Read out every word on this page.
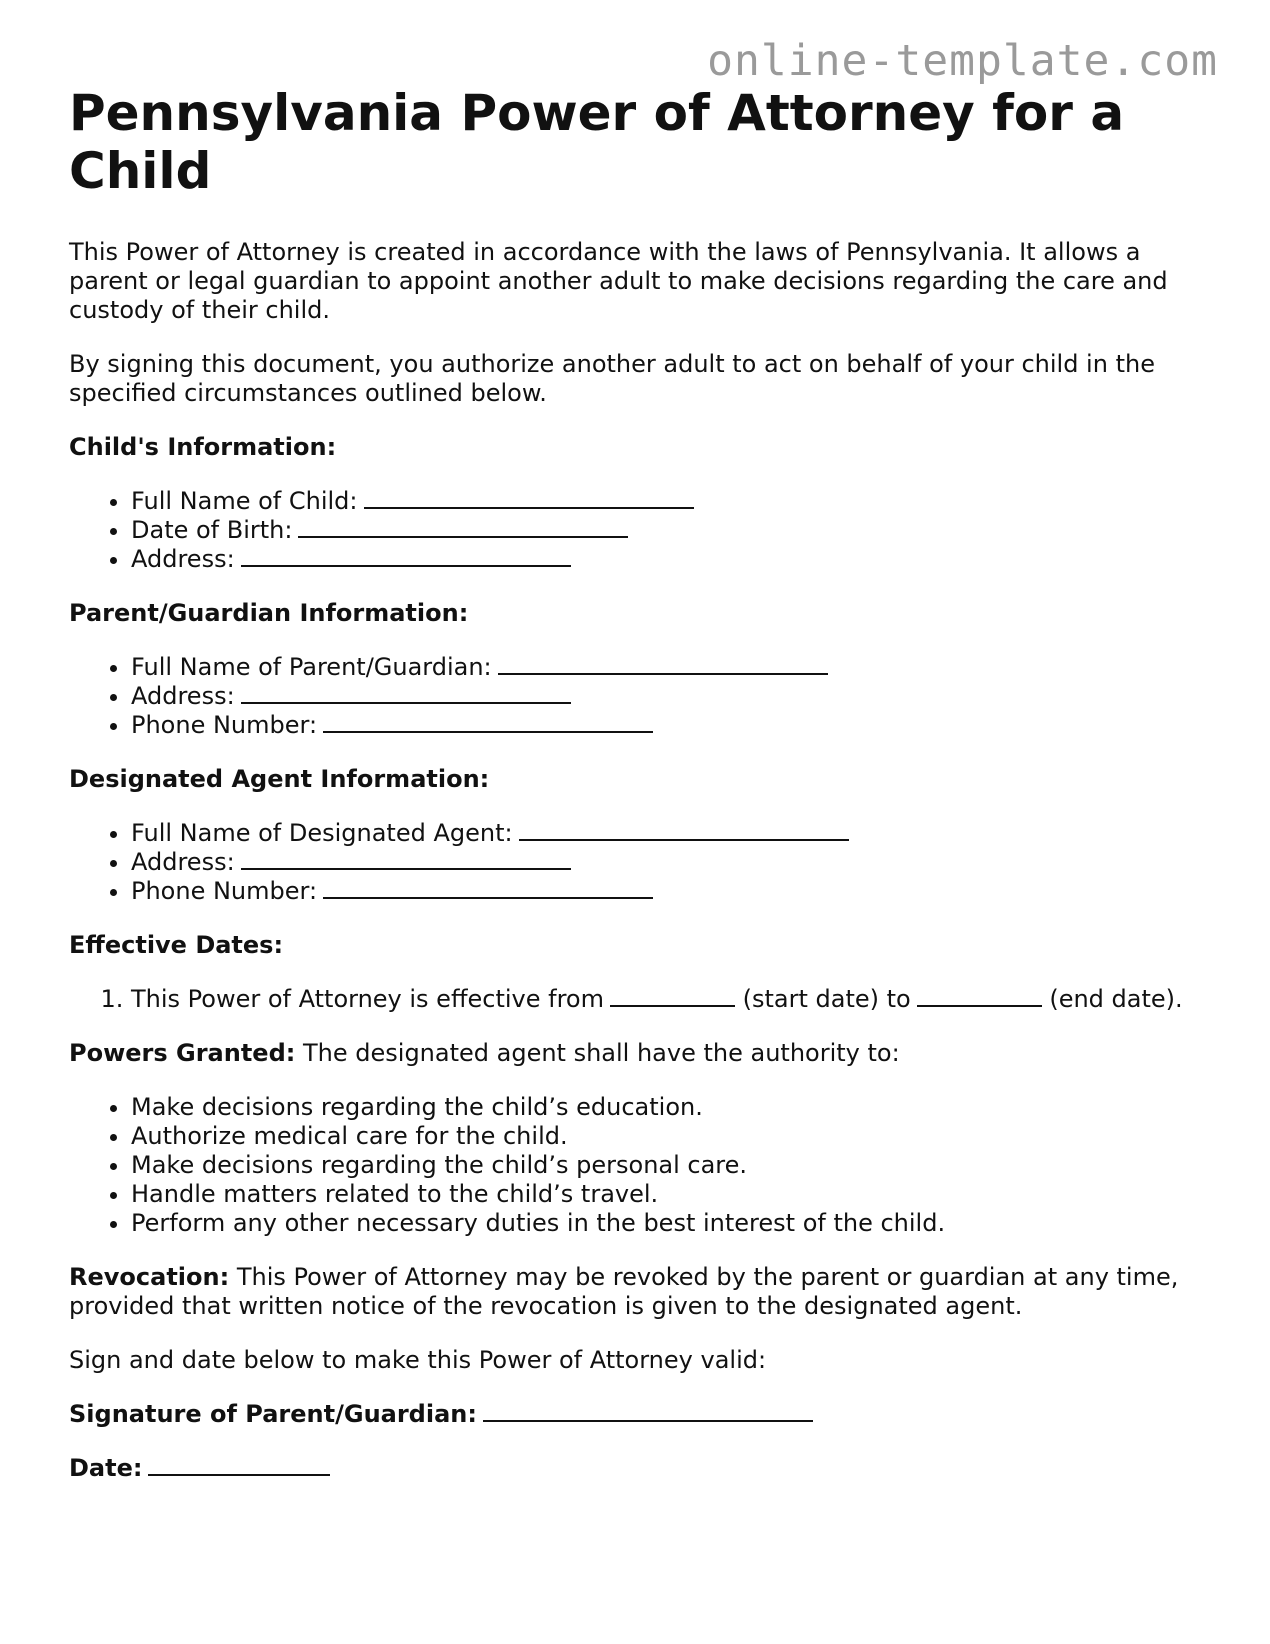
online-template.com
Pennsylvania Power of Attorney for a Child

This Power of Attorney is created in accordance with the laws of Pennsylvania. It allows a parent or legal guardian to appoint another adult to make decisions regarding the care and custody of their child.

By signing this document, you authorize another adult to act on behalf of your child in the specified circumstances outlined below.

Child's Information:

• Full Name of Child:
• Date of Birth:
• Address:

Parent/Guardian Information:

• Full Name of Parent/Guardian:
• Address:
• Phone Number:

Designated Agent Information:

• Full Name of Designated Agent:
• Address:
• Phone Number:

Effective Dates:

1. This Power of Attorney is effective from	(start date) to	(end date).

Powers Granted: The designated agent shall have the authority to:

• Make decisions regarding the child’s education.
• Authorize medical care for the child.
• Make decisions regarding the child’s personal care.
• Handle matters related to the child’s travel.
• Perform any other necessary duties in the best interest of the child.

Revocation: This Power of Attorney may be revoked by the parent or guardian at any time, provided that written notice of the revocation is given to the designated agent.

Sign and date below to make this Power of Attorney valid:

Signature of Parent/Guardian:

Date:
